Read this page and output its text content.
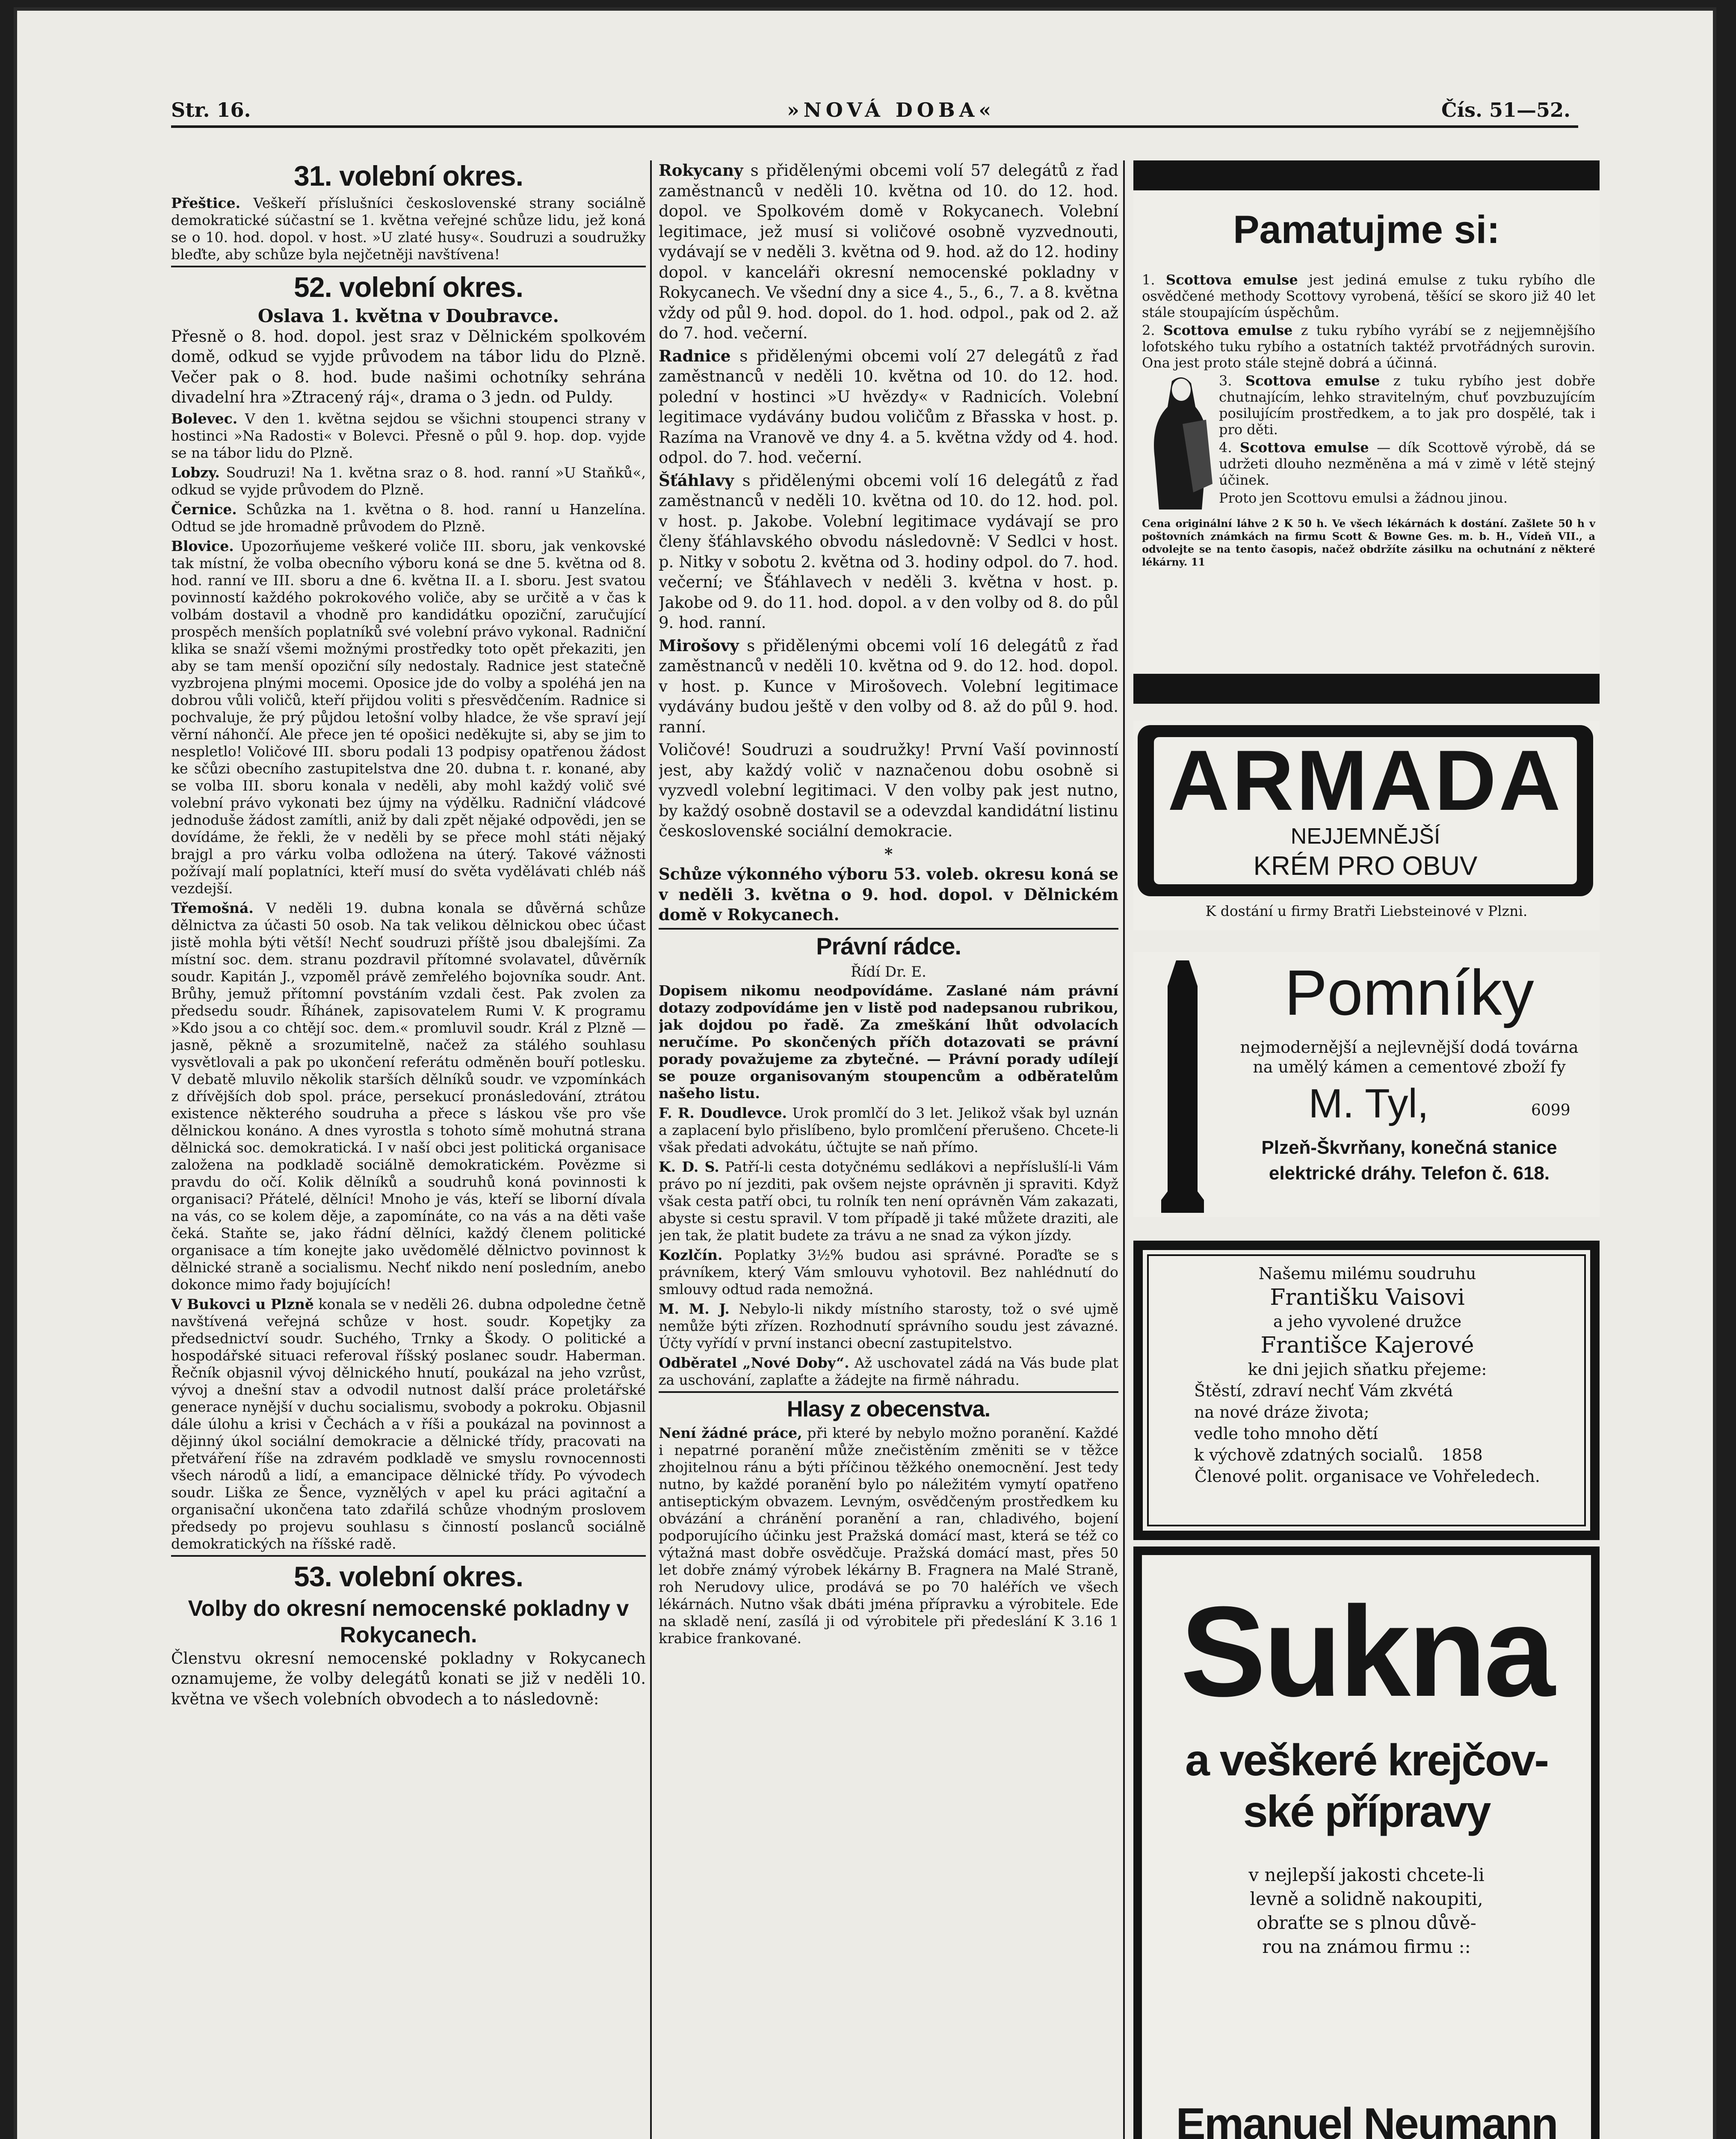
Str. 16.	»NOVÁ DOBA«	Čís. 51—52.
31. volební okres.

Přeštice. Veškeří příslušníci československé strany sociálně demokratické súčastní se 1. května veřejné schůze lidu, jež koná se o 10. hod. dopol. v host. »U zlaté husy«. Soudruzi a soudružky bleďte, aby schůze byla nejčetněji navštívena!

52. volební okres.
Oslava 1. května v Doubravce.

Přesně o 8. hod. dopol. jest sraz v Dělnickém spolkovém domě, odkud se vyjde průvodem na tábor lidu do Plzně. Večer pak o 8. hod. bude našimi ochotníky sehrána divadelní hra »Ztracený ráj«, drama o 3 jedn. od Puldy.

Bolevec. V den 1. května sejdou se všichni stoupenci strany v hostinci »Na Radosti« v Bolevci. Přesně o půl 9. hop. dop. vyjde se na tábor lidu do Plzně.

Lobzy. Soudruzi! Na 1. května sraz o 8. hod. ranní »U Staňků«, odkud se vyjde průvodem do Plzně.

Černice. Schůzka na 1. května o 8. hod. ranní u Hanzelína. Odtud se jde hromadně průvodem do Plzně.

Blovice. Upozorňujeme veškeré voliče III. sboru, jak venkovské tak místní, že volba obecního výboru koná se dne 5. května od 8. hod. ranní ve III. sboru a dne 6. května II. a I. sboru. Jest svatou povinností každého pokrokového voliče, aby se určitě a v čas k volbám dostavil a vhodně pro kandidátku opoziční, zaručující prospěch menších poplatníků své volební právo vykonal. Radniční klika se snaží všemi možnými prostředky toto opět překaziti, jen aby se tam menší opoziční síly nedostaly. Radnice jest statečně vyzbrojena plnými mocemi. Oposice jde do volby a spoléhá jen na dobrou vůli voličů, kteří přijdou voliti s přesvědčením. Radnice si pochvaluje, že prý půjdou letošní volby hladce, že vše spraví její věrní náhončí. Ale přece jen té opošici neděkujte si, aby se jim to nespletlo! Voličové III. sboru podali 13 podpisy opatřenou žádost ke sčůzi obecního zastupitelstva dne 20. dubna t. r. konané, aby se volba III. sboru konala v neděli, aby mohl každý volič své volební právo vykonati bez újmy na výdělku. Radniční vládcové jednoduše žádost zamítli, aniž by dali zpět nějaké odpovědi, jen se dovídáme, že řekli, že v neděli by se přece mohl státi nějaký brajgl a pro várku volba odložena na úterý. Takové vážnosti požívají malí poplatníci, kteří musí do světa vydělávati chléb náš vezdejší.

Třemošná. V neděli 19. dubna konala se důvěrná schůze dělnictva za účasti 50 osob. Na tak velikou dělnickou obec účast jistě mohla býti větší! Nechť soudruzi příště jsou dbalejšími. Za místní soc. dem. stranu pozdravil přítomné svolavatel, důvěrník soudr. Kapitán J., vzpoměl právě zemřelého bojovníka soudr. Ant. Brůhy, jemuž přítomní povstáním vzdali čest. Pak zvolen za předsedu soudr. Říhánek, zapisovatelem Rumi V. K programu »Kdo jsou a co chtějí soc. dem.« promluvil soudr. Král z Plzně — jasně, pěkně a srozumitelně, načež za stálého souhlasu vysvětlovali a pak po ukončení referátu odměněn bouří potlesku. V debatě mluvilo několik starších dělníků soudr. ve vzpomínkách z dřívějších dob spol. práce, persekucí pronásledování, ztrátou existence některého soudruha a přece s láskou vše pro vše dělnickou konáno. A dnes vyrostla s tohoto símě mohutná strana dělnická soc. demokratická. I v naší obci jest politická organisace založena na podkladě sociálně demokratickém. Povězme si pravdu do očí. Kolik dělníků a soudruhů koná povinnosti k organisaci? Přátelé, dělníci! Mnoho je vás, kteří se liborní dívala na vás, co se kolem děje, a zapomínáte, co na vás a na děti vaše čeká. Staňte se, jako řádní dělníci, každý členem politické organisace a tím konejte jako uvědomělé dělnictvo povinnost k dělnické straně a socialismu. Nechť nikdo není posledním, anebo dokonce mimo řady bojujících!

V Bukovci u Plzně konala se v neděli 26. dubna odpoledne četně navštívená veřejná schůze v host. soudr. Kopetjky za předsednictví soudr. Suchého, Trnky a Škody. O politické a hospodářské situaci referoval říšský poslanec soudr. Haberman. Řečník objasnil vývoj dělnického hnutí, poukázal na jeho vzrůst, vývoj a dnešní stav a odvodil nutnost další práce proletářské generace nynější v duchu socialismu, svobody a pokroku. Objasnil dále úlohu a krisi v Čechách a v říši a poukázal na povinnost a dějinný úkol sociální demokracie a dělnické třídy, pracovati na přetváření říše na zdravém podkladě ve smyslu rovnocennosti všech národů a lidí, a emancipace dělnické třídy. Po vývodech soudr. Liška ze Šence, vyznělých v apel ku práci agitační a organisační ukončena tato zdařilá schůze vhodným proslovem předsedy po projevu souhlasu s činností poslanců sociálně demokratických na říšské radě.

53. volební okres.
Volby do okresní nemocenské pokladny v Rokycanech.

Členstvu okresní nemocenské pokladny v Rokycanech oznamujeme, že volby delegátů konati se již v neděli 10. května ve všech volebních obvodech a to následovně:

Rokycany s přidělenými obcemi volí 57 delegátů z řad zaměstnanců v neděli 10. května od 10. do 12. hod. dopol. ve Spolkovém domě v Rokycanech. Volební legitimace, jež musí si voličové osobně vyzvednouti, vydávají se v neděli 3. května od 9. hod. až do 12. hodiny dopol. v kanceláři okresní nemocenské pokladny v Rokycanech. Ve všední dny a sice 4., 5., 6., 7. a 8. května vždy od půl 9. hod. dopol. do 1. hod. odpol., pak od 2. až do 7. hod. večerní.

Radnice s přidělenými obcemi volí 27 delegátů z řad zaměstnanců v neděli 10. května od 10. do 12. hod. polední v hostinci »U hvězdy« v Radnicích. Volební legitimace vydávány budou voličům z Břasska v host. p. Razíma na Vranově ve dny 4. a 5. května vždy od 4. hod. odpol. do 7. hod. večerní.

Šťáhlavy s přidělenými obcemi volí 16 delegátů z řad zaměstnanců v neděli 10. května od 10. do 12. hod. pol. v host. p. Jakobe. Volební legitimace vydávají se pro členy šťáhlavského obvodu následovně: V Sedlci v host. p. Nitky v sobotu 2. května od 3. hodiny odpol. do 7. hod. večerní; ve Šťáhlavech v neděli 3. května v host. p. Jakobe od 9. do 11. hod. dopol. a v den volby od 8. do půl 9. hod. ranní.

Mirošovy s přidělenými obcemi volí 16 delegátů z řad zaměstnanců v neděli 10. května od 9. do 12. hod. dopol. v host. p. Kunce v Mirošovech. Volební legitimace vydávány budou ještě v den volby od 8. až do půl 9. hod. ranní.

Voličové! Soudruzi a soudružky! První Vaší povinností jest, aby každý volič v naznačenou dobu osobně si vyzvedl volební legitimaci. V den volby pak jest nutno, by každý osobně dostavil se a odevzdal kandidátní listinu československé sociální demokracie.

*

Schůze výkonného výboru 53. voleb. okresu koná se v neděli 3. května o 9. hod. dopol. v Dělnickém domě v Rokycanech.

Právní rádce.
Řídí Dr. E.

Dopisem nikomu neodpovídáme. Zaslané nám právní dotazy zodpovídáme jen v listě pod nadepsanou rubrikou, jak dojdou po řadě. Za zmeškání lhůt odvolacích neručíme. Po skončených příčh dotazovati se právní porady považujeme za zbytečné. — Právní porady udílejí se pouze organisovaným stoupencům a odběratelům našeho listu.

F. R. Doudlevce. Urok promlčí do 3 let. Jelikož však byl uznán a zaplacení bylo přislíbeno, bylo promlčení přerušeno. Chcete-li však předati advokátu, účtujte se naň přímo.

K. D. S. Patří-li cesta dotyčnému sedlákovi a nepříslušlí-li Vám právo po ní jezditi, pak ovšem nejste oprávněn ji spraviti. Když však cesta patří obci, tu rolník ten není oprávněn Vám zakazati, abyste si cestu spravil. V tom případě ji také můžete draziti, ale jen tak, že platit budete za trávu a ne snad za výkon jízdy.

Kozlčín. Poplatky 3½% budou asi správné. Poraďte se s právníkem, který Vám smlouvu vyhotovil. Bez nahlédnutí do smlouvy odtud rada nemožná.

M. M. J. Nebylo-li nikdy místního starosty, tož o své ujmě nemůže býti zřízen. Rozhodnutí správního soudu jest závazné. Účty vyřídí v první instanci obecní zastupitelstvo.

Odběratel „Nové Doby“. Až uschovatel zádá na Vás bude plat za uschování, zaplaťte a žádejte na firmě náhradu.

Hlasy z obecenstva.

Není žádné práce, při které by nebylo možno poranění. Každé i nepatrné poranění může znečistěním změniti se v těžce zhojitelnou ránu a býti příčinou těžkého onemocnění. Jest tedy nutno, by každé poranění bylo po náležitém vymytí opatřeno antiseptickým obvazem. Levným, osvědčeným prostředkem ku obvázání a chránění poranění a ran, chladivého, bojení podporujícího účinku jest Pražská domácí mast, která se též co výtažná mast dobře osvědčuje. Pražská domácí mast, přes 50 let dobře známý výrobek lékárny B. Fragnera na Malé Straně, roh Nerudovy ulice, prodává se po 70 haléřích ve všech lékárnách. Nutno však dbáti jména přípravku a výrobitele. Ede na skladě není, zasílá ji od výrobitele při předeslání K 3.16 1 krabice frankované.

Pamatujme si:

1. Scottova emulse jest jediná emulse z tuku rybího dle osvědčené methody Scottovy vyrobená, těšící se skoro již 40 let stále stoupajícím úspěchům.

2. Scottova emulse z tuku rybího vyrábí se z nejjemnějšího lofotského tuku rybího a ostatních taktéž prvotřádných surovin. Ona jest proto stále stejně dobrá a účinná.

3. Scottova emulse z tuku rybího jest dobře chutnajícím, lehko stravitelným, chuť povzbuzujícím posilujícím prostředkem, a to jak pro dospělé, tak i pro děti.

4. Scottova emulse — dík Scottově výrobě, dá se udržeti dlouho nezměněna a má v zimě v létě stejný účinek.

Proto jen Scottovu emulsi a žádnou jinou.

Cena originální láhve 2 K 50 h. Ve všech lékárnách k dostání. Zašlete 50 h v poštovních známkách na firmu Scott & Bowne Ges. m. b. H., Vídeň VII., a odvolejte se na tento časopis, načež obdržíte zásilku na ochutnání z některé lékárny. 11

ARMADA
NEJJEMNĚJŠÍ
KRÉM PRO OBUV
K dostání u firmy Bratři Liebsteinové v Plzni.
Pomníky
nejmodernější a nejlevnější dodá továrna
na umělý kámen a cementové zboží fy
M. Tyl,	6099
Plzeň-Škvrňany, konečná stanice
elektrické dráhy. Telefon č. 618.
Našemu milému soudruhu
Františku Vaisovi
a jeho vyvolené družce
Františce Kajerové
ke dni jejich sňatku přejeme:
Štěstí, zdraví nechť Vám zkvétá
na nové dráze života;
vedle toho mnoho dětí
k výchově zdatných socialů. 1858
Členové polit. organisace ve Vohřeledech.
Sukna
a veškeré krejčov-
ské přípravy
v nejlepší jakosti chcete-li
levně a solidně nakoupiti,
obraťte se s plnou důvě-
rou na známou firmu ::
Emanuel Neumann
